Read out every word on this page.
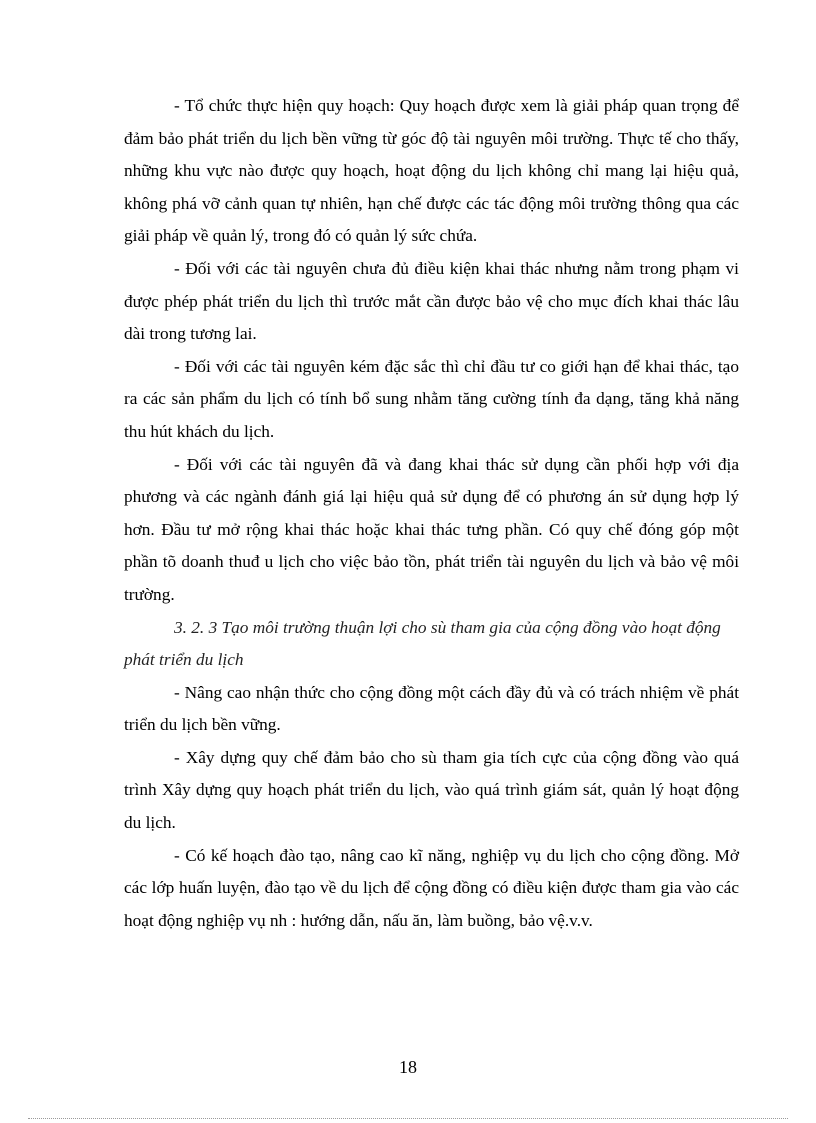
- Tổ chức thực hiện quy hoạch: Quy hoạch được xem là giải pháp quan trọng để đảm bảo phát triển du lịch bền vững từ góc độ tài nguyên môi trường. Thực tế cho thấy, những khu vực nào được quy hoạch, hoạt động du lịch không chỉ mang lại hiệu quả, không phá vỡ cảnh quan tự nhiên, hạn chế được các tác động môi trường thông qua các giải pháp về quản lý, trong đó có quản lý sức chứa.

- Đối với các tài nguyên chưa đủ điều kiện khai thác nhưng nằm trong phạm vi được phép phát triển du lịch thì trước mắt cần được bảo vệ cho mục đích khai thác lâu dài trong tương lai.

- Đối với các tài nguyên kém đặc sắc thì chỉ đầu tư co giới hạn để khai thác, tạo ra các sản phẩm du lịch có tính bổ sung nhằm tăng cường tính đa dạng, tăng khả năng thu hút khách du lịch.

- Đối với các tài nguyên đã và đang khai thác sử dụng cần phối hợp với địa phương và các ngành đánh giá lại hiệu quả sử dụng để có phương án sử dụng hợp lý hơn. Đầu tư mở rộng khai thác hoặc khai thác tưng phần. Có quy chế đóng góp một phần tõ doanh thuđ u lịch cho việc bảo tồn, phát triển tài nguyên du lịch và bảo vệ môi trường.

3. 2. 3 Tạo môi trường thuận lợi cho sù tham gia của cộng đồng vào hoạt động phát triển du lịch

- Nâng cao nhận thức cho cộng đồng một cách đầy đủ và có trách nhiệm về phát triển du lịch bền vững.

- Xây dựng quy chế đảm bảo cho sù tham gia tích cực của cộng đồng vào quá trình Xây dựng quy hoạch phát triển du lịch, vào quá trình giám sát, quản lý hoạt động du lịch.

- Có kế hoạch đào tạo, nâng cao kĩ năng, nghiệp vụ du lịch cho cộng đồng. Mở các lớp huấn luyện, đào tạo về du lịch để cộng đồng có điều kiện được tham gia vào các hoạt động nghiệp vụ nh : hướng dẫn, nấu ăn, làm buồng, bảo vệ.v.v.

18
